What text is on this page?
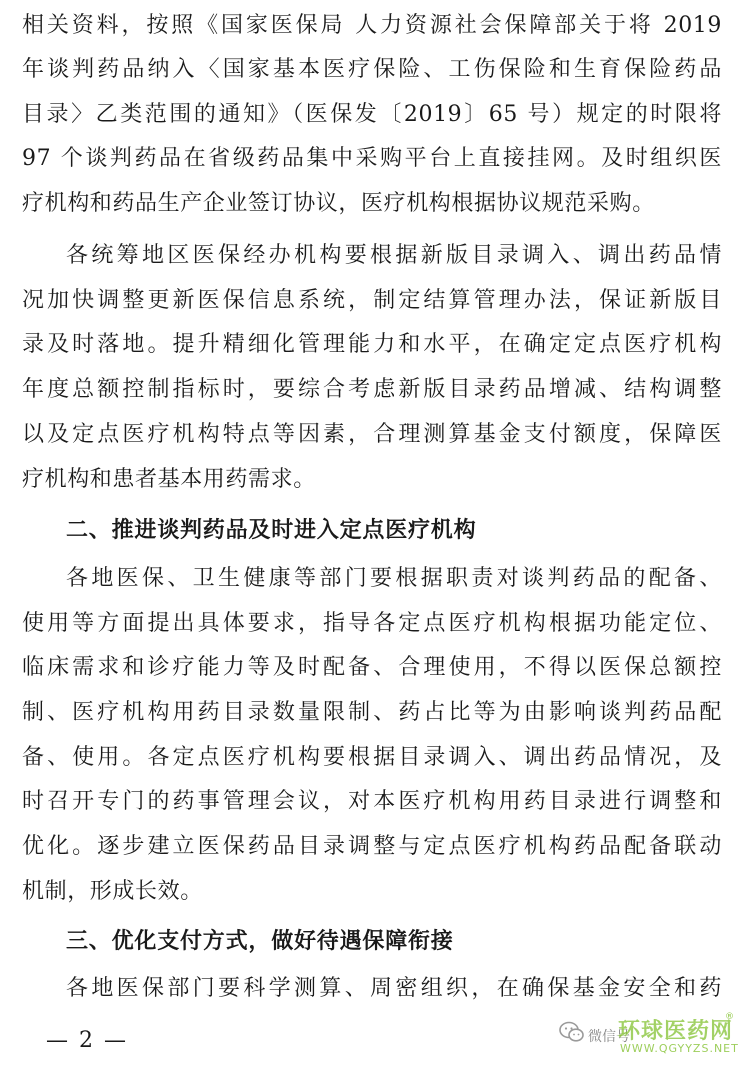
相关资料，按照《国家医保局 人力资源社会保障部关于将 2019
年谈判药品纳入〈国家基本医疗保险、工伤保险和生育保险药品
目录〉乙类范围的通知》（医保发〔2019〕65 号）规定的时限将
97 个谈判药品在省级药品集中采购平台上直接挂网。及时组织医
疗机构和药品生产企业签订协议，医疗机构根据协议规范采购。
各统筹地区医保经办机构要根据新版目录调入、调出药品情
况加快调整更新医保信息系统，制定结算管理办法，保证新版目
录及时落地。提升精细化管理能力和水平，在确定定点医疗机构
年度总额控制指标时，要综合考虑新版目录药品增减、结构调整
以及定点医疗机构特点等因素，合理测算基金支付额度，保障医
疗机构和患者基本用药需求。
二、推进谈判药品及时进入定点医疗机构
各地医保、卫生健康等部门要根据职责对谈判药品的配备、
使用等方面提出具体要求，指导各定点医疗机构根据功能定位、
临床需求和诊疗能力等及时配备、合理使用，不得以医保总额控
制、医疗机构用药目录数量限制、药占比等为由影响谈判药品配
备、使用。各定点医疗机构要根据目录调入、调出药品情况，及
时召开专门的药事管理会议，对本医疗机构用药目录进行调整和
优化。逐步建立医保药品目录调整与定点医疗机构药品配备联动
机制，形成长效。
三、优化支付方式，做好待遇保障衔接
各地医保部门要科学测算、周密组织，在确保基金安全和药
— 2 —	微信号
环球医药网
®
WWW.QGYYZS.NET
